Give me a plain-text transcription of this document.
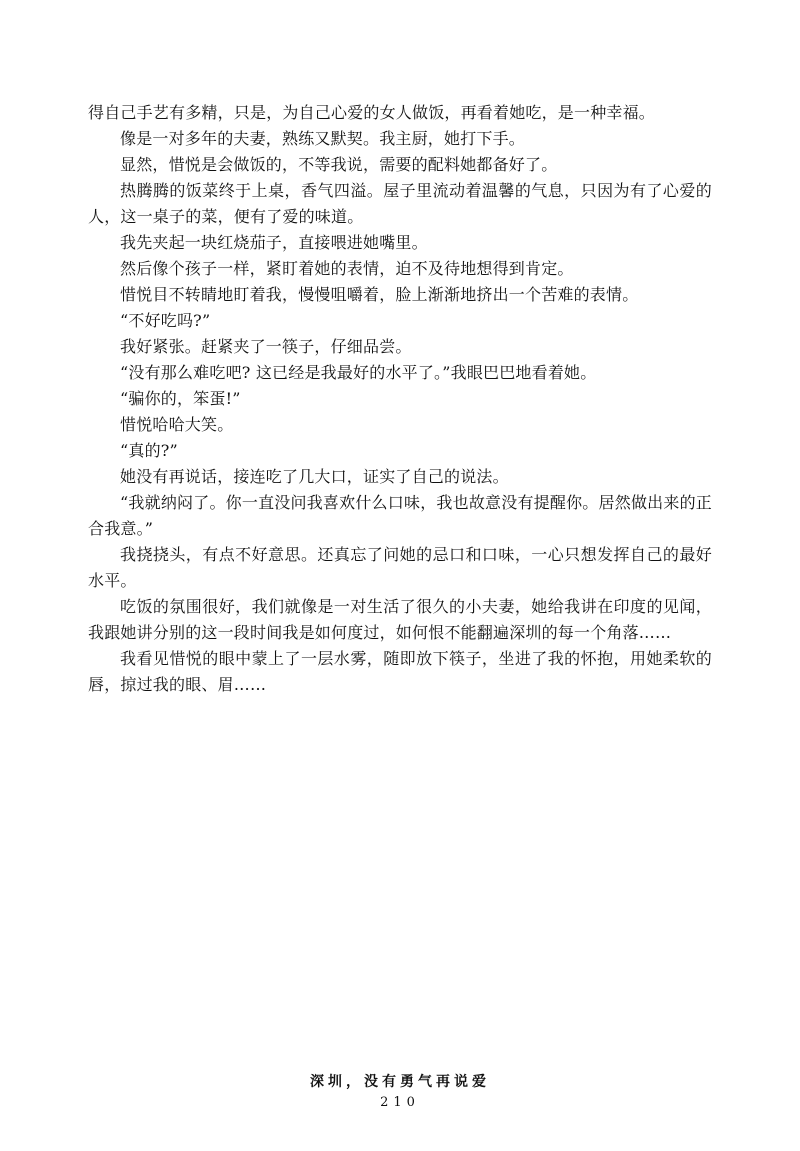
得自己手艺有多精，只是，为自己心爱的女人做饭，再看着她吃，是一种幸福。

像是一对多年的夫妻，熟练又默契。我主厨，她打下手。

显然，惜悦是会做饭的，不等我说，需要的配料她都备好了。

热腾腾的饭菜终于上桌，香气四溢。屋子里流动着温馨的气息，只因为有了心爱的人，这一桌子的菜，便有了爱的味道。

我先夹起一块红烧茄子，直接喂进她嘴里。

然后像个孩子一样，紧盯着她的表情，迫不及待地想得到肯定。

惜悦目不转睛地盯着我，慢慢咀嚼着，脸上渐渐地挤出一个苦难的表情。

“不好吃吗?”

我好紧张。赶紧夹了一筷子，仔细品尝。

“没有那么难吃吧? 这已经是我最好的水平了。”我眼巴巴地看着她。

“骗你的，笨蛋!”

惜悦哈哈大笑。

“真的?”

她没有再说话，接连吃了几大口，证实了自己的说法。

“我就纳闷了。你一直没问我喜欢什么口味，我也故意没有提醒你。居然做出来的正合我意。”

我挠挠头，有点不好意思。还真忘了问她的忌口和口味，一心只想发挥自己的最好水平。

吃饭的氛围很好，我们就像是一对生活了很久的小夫妻，她给我讲在印度的见闻，我跟她讲分别的这一段时间我是如何度过，如何恨不能翻遍深圳的每一个角落……

我看见惜悦的眼中蒙上了一层水雾，随即放下筷子，坐进了我的怀抱，用她柔软的唇，掠过我的眼、眉……

深圳，没有勇气再说爱
210
